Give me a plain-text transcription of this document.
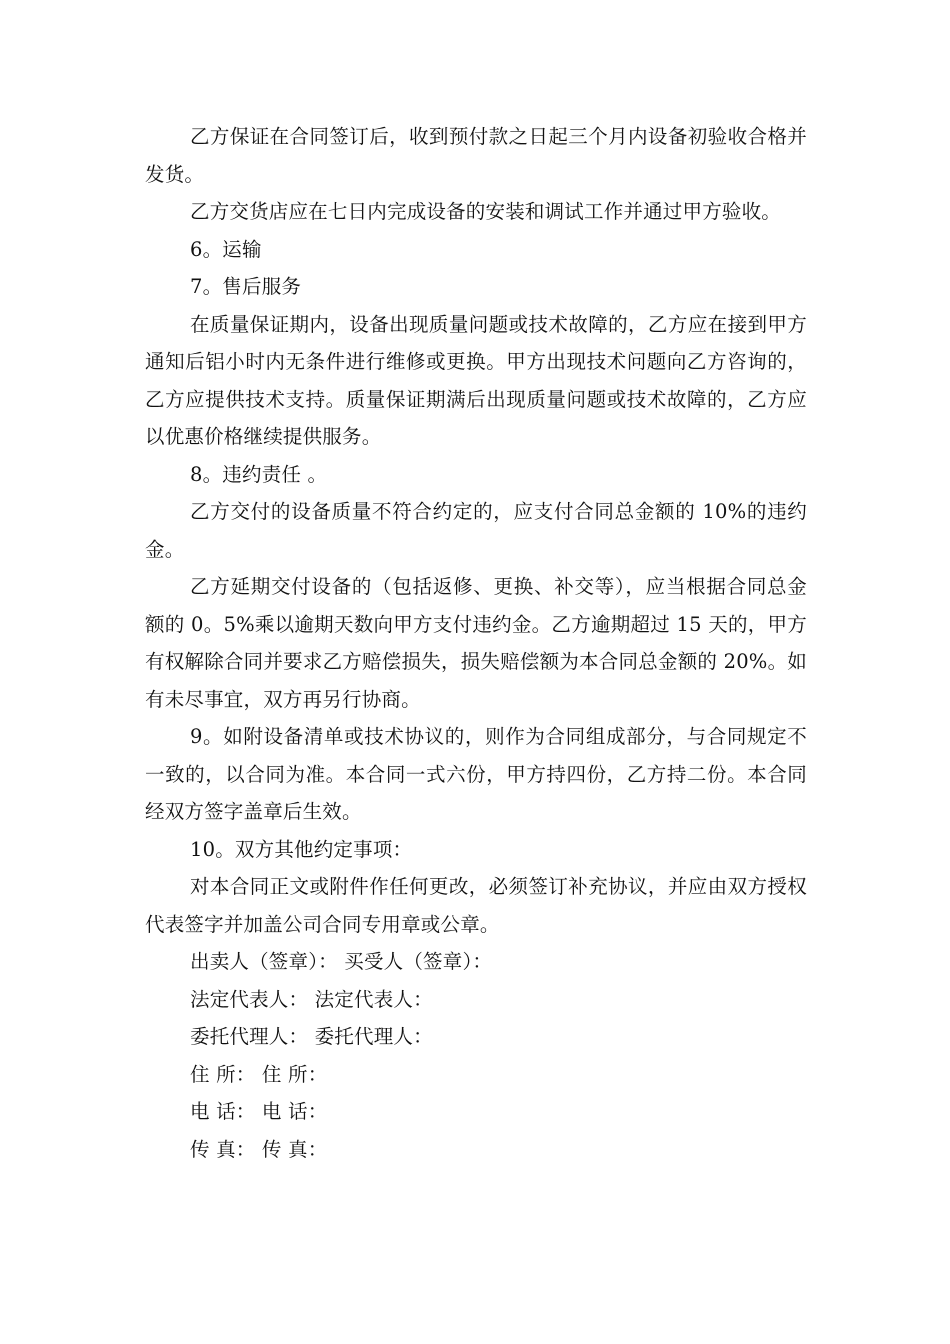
乙方保证在合同签订后，收到预付款之日起三个月内设备初验收合格并发货。

乙方交货店应在七日内完成设备的安装和调试工作并通过甲方验收。

6。运输

7。售后服务

在质量保证期内，设备出现质量问题或技术故障的，乙方应在接到甲方通知后铝小时内无条件进行维修或更换。甲方出现技术问题向乙方咨询的，乙方应提供技术支持。质量保证期满后出现质量问题或技术故障的，乙方应以优惠价格继续提供服务。

8。违约责任 。

乙方交付的设备质量不符合约定的，应支付合同总金额的 10%的违约金。

乙方延期交付设备的（包括返修、更换、补交等），应当根据合同总金额的 0。5%乘以逾期天数向甲方支付违约金。乙方逾期超过 15 天的，甲方有权解除合同并要求乙方赔偿损失，损失赔偿额为本合同总金额的 20%。如有未尽事宜，双方再另行协商。

9。如附设备清单或技术协议的，则作为合同组成部分，与合同规定不一致的，以合同为准。本合同一式六份，甲方持四份，乙方持二份。本合同经双方签字盖章后生效。

10。双方其他约定事项：

对本合同正文或附件作任何更改，必须签订补充协议，并应由双方授权代表签字并加盖公司合同专用章或公章。

出卖人（签章）： 买受人（签章）：

法定代表人： 法定代表人：

委托代理人： 委托代理人：

住 所： 住 所：

电 话： 电 话：

传 真： 传 真：
